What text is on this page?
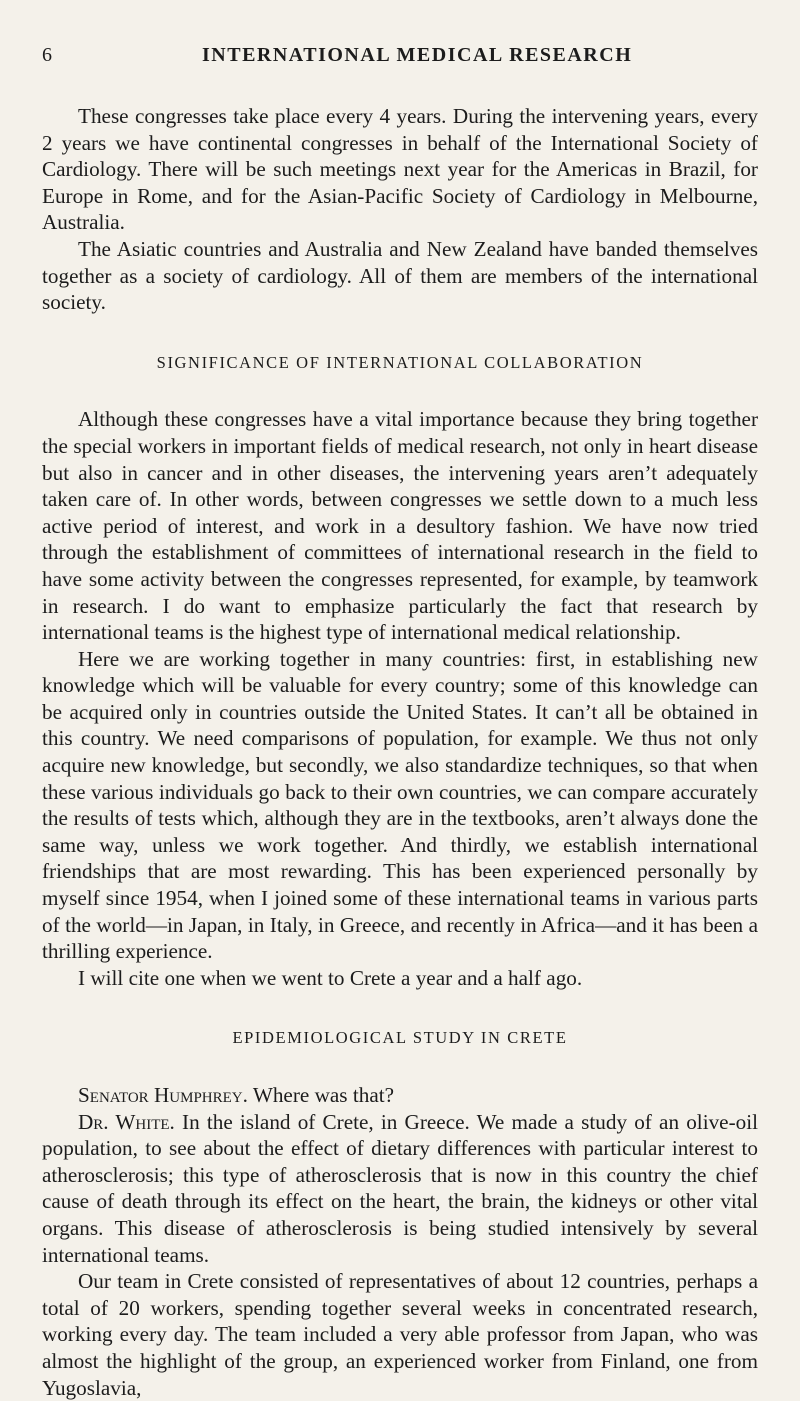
6	INTERNATIONAL MEDICAL RESEARCH

These congresses take place every 4 years. During the intervening years, every 2 years we have continental congresses in behalf of the International Society of Cardiology. There will be such meetings next year for the Americas in Brazil, for Europe in Rome, and for the Asian-Pacific Society of Cardiology in Melbourne, Australia.

The Asiatic countries and Australia and New Zealand have banded themselves together as a society of cardiology. All of them are members of the international society.

SIGNIFICANCE OF INTERNATIONAL COLLABORATION

Although these congresses have a vital importance because they bring together the special workers in important fields of medical research, not only in heart disease but also in cancer and in other diseases, the intervening years aren’t adequately taken care of. In other words, between congresses we settle down to a much less active period of interest, and work in a desultory fashion. We have now tried through the establishment of committees of international research in the field to have some activity between the congresses represented, for example, by teamwork in research. I do want to emphasize particularly the fact that research by international teams is the highest type of international medical relationship.

Here we are working together in many countries: first, in establishing new knowledge which will be valuable for every country; some of this knowledge can be acquired only in countries outside the United States. It can’t all be obtained in this country. We need comparisons of population, for example. We thus not only acquire new knowledge, but secondly, we also standardize techniques, so that when these various individuals go back to their own countries, we can compare accurately the results of tests which, although they are in the textbooks, aren’t always done the same way, unless we work together. And thirdly, we establish international friendships that are most rewarding. This has been experienced personally by myself since 1954, when I joined some of these international teams in various parts of the world—in Japan, in Italy, in Greece, and recently in Africa—and it has been a thrilling experience.

I will cite one when we went to Crete a year and a half ago.

EPIDEMIOLOGICAL STUDY IN CRETE

Senator Humphrey. Where was that?

Dr. White. In the island of Crete, in Greece. We made a study of an olive-oil population, to see about the effect of dietary differences with particular interest to atherosclerosis; this type of atherosclerosis that is now in this country the chief cause of death through its effect on the heart, the brain, the kidneys or other vital organs. This disease of atherosclerosis is being studied intensively by several international teams.

Our team in Crete consisted of representatives of about 12 countries, perhaps a total of 20 workers, spending together several weeks in concentrated research, working every day. The team included a very able professor from Japan, who was almost the highlight of the group, an experienced worker from Finland, one from Yugoslavia,
